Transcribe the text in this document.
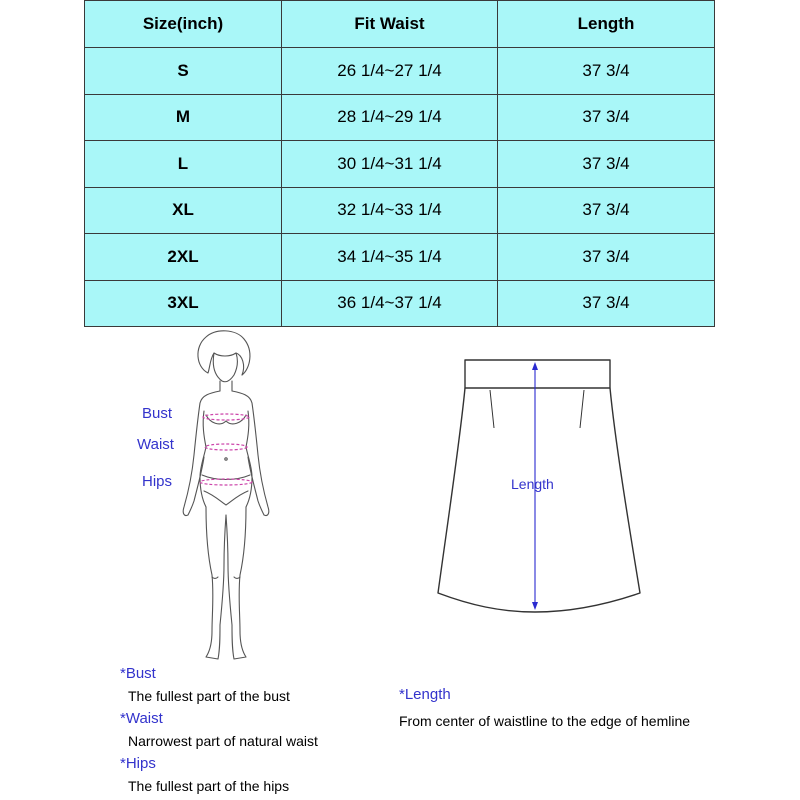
Size(inch)	Fit Waist	Length
S	26 1/4~27 1/4	37 3/4
M	28 1/4~29 1/4	37 3/4
L	30 1/4~31 1/4	37 3/4
XL	32 1/4~33 1/4	37 3/4
2XL	34 1/4~35 1/4	37 3/4
3XL	36 1/4~37 1/4	37 3/4
Bust
Waist
Hips	Length
*Bust
The fullest part of the bust
*Waist
Narrowest part of natural waist
*Hips
The fullest part of the hips
*Length
From center of waistline to the edge of hemline
